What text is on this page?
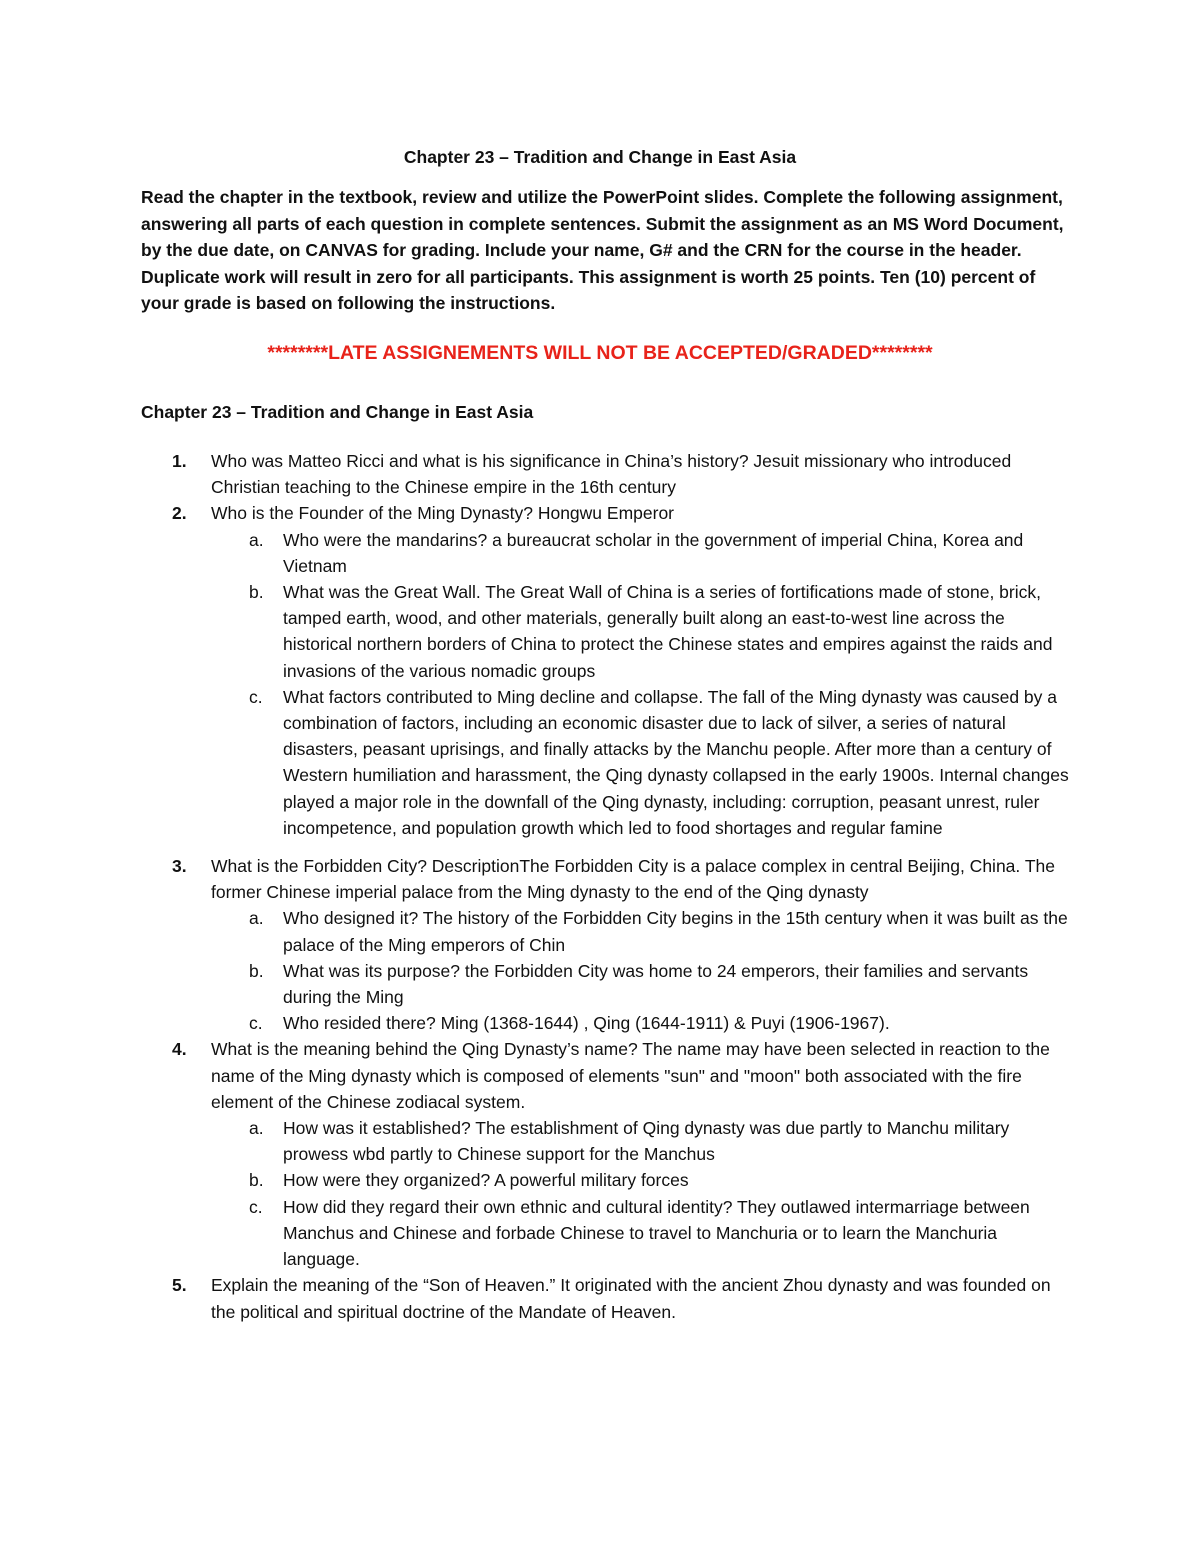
Chapter 23 – Tradition and Change in East Asia

Read the chapter in the textbook, review and utilize the PowerPoint slides. Complete the following assignment, answering all parts of each question in complete sentences. Submit the assignment as an MS Word Document, by the due date, on CANVAS for grading. Include your name, G# and the CRN for the course in the header. Duplicate work will result in zero for all participants. This assignment is worth 25 points. Ten (10) percent of your grade is based on following the instructions.

********LATE ASSIGNEMENTS WILL NOT BE ACCEPTED/GRADED********

Chapter 23 – Tradition and Change in East Asia

1. Who was Matteo Ricci and what is his significance in China’s history? Jesuit missionary who introduced Christian teaching to the Chinese empire in the 16th century
2. Who is the Founder of the Ming Dynasty? Hongwu Emperor
a. Who were the mandarins? a bureaucrat scholar in the government of imperial China, Korea and Vietnam
b. What was the Great Wall. The Great Wall of China is a series of fortifications made of stone, brick, tamped earth, wood, and other materials, generally built along an east-to-west line across the historical northern borders of China to protect the Chinese states and empires against the raids and invasions of the various nomadic groups
c. What factors contributed to Ming decline and collapse. The fall of the Ming dynasty was caused by a combination of factors, including an economic disaster due to lack of silver, a series of natural disasters, peasant uprisings, and finally attacks by the Manchu people. After more than a century of Western humiliation and harassment, the Qing dynasty collapsed in the early 1900s. Internal changes played a major role in the downfall of the Qing dynasty, including: corruption, peasant unrest, ruler incompetence, and population growth which led to food shortages and regular famine
3. What is the Forbidden City? DescriptionThe Forbidden City is a palace complex in central Beijing, China. The former Chinese imperial palace from the Ming dynasty to the end of the Qing dynasty
a. Who designed it? The history of the Forbidden City begins in the 15th century when it was built as the palace of the Ming emperors of Chin
b. What was its purpose? the Forbidden City was home to 24 emperors, their families and servants during the Ming
c. Who resided there? Ming (1368-1644) , Qing (1644-1911) & Puyi (1906-1967).
4. What is the meaning behind the Qing Dynasty’s name? The name may have been selected in reaction to the name of the Ming dynasty which is composed of elements "sun" and "moon" both associated with the fire element of the Chinese zodiacal system.
a. How was it established? The establishment of Qing dynasty was due partly to Manchu military prowess wbd partly to Chinese support for the Manchus
b. How were they organized? A powerful military forces
c. How did they regard their own ethnic and cultural identity? They outlawed intermarriage between Manchus and Chinese and forbade Chinese to travel to Manchuria or to learn the Manchuria language.
5. Explain the meaning of the “Son of Heaven.” It originated with the ancient Zhou dynasty and was founded on the political and spiritual doctrine of the Mandate of Heaven.
